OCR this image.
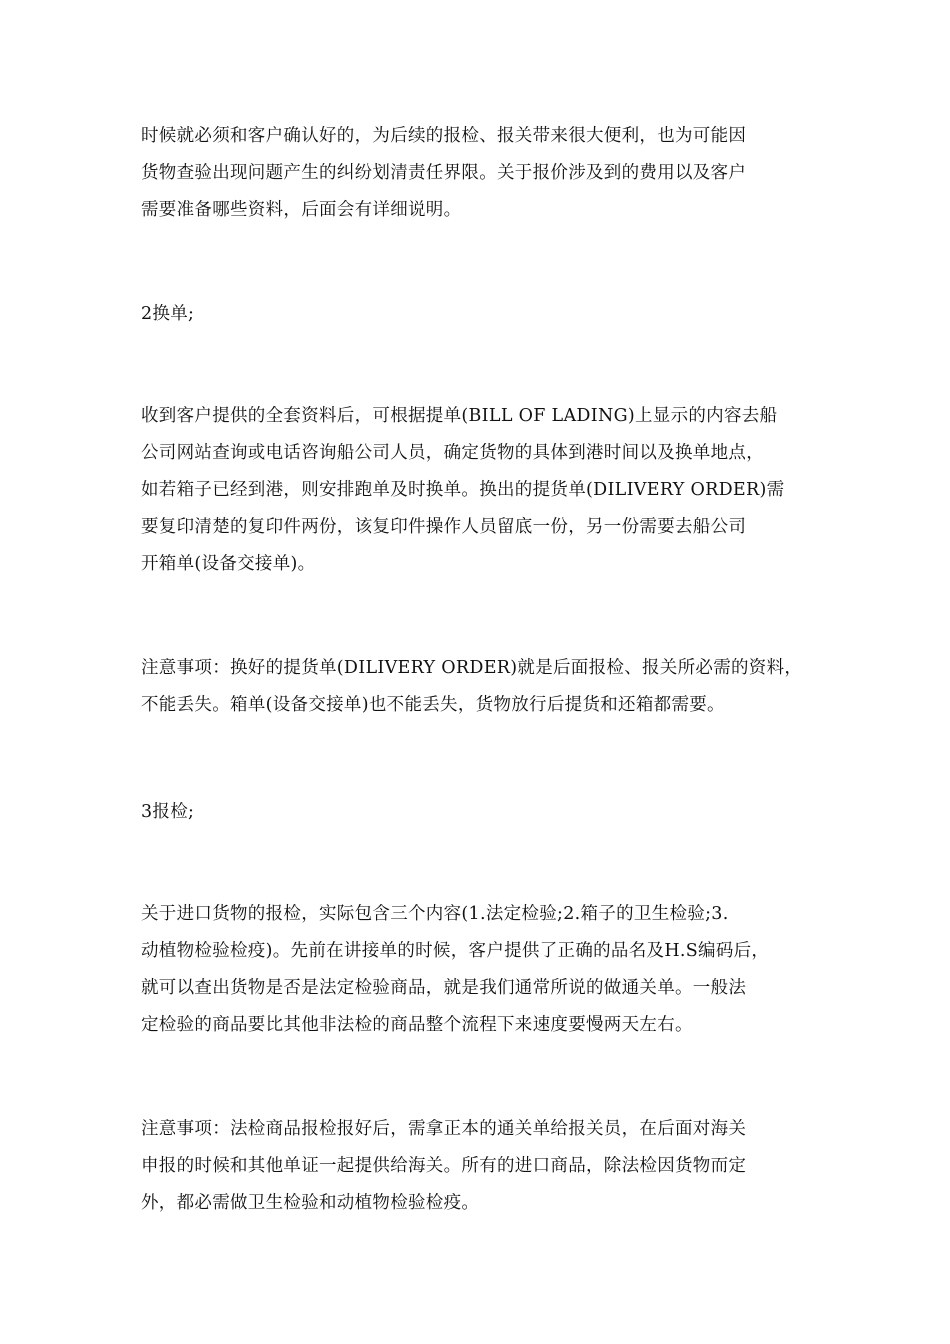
时候就必须和客户确认好的，为后续的报检、报关带来很大便利，也为可能因
货物查验出现问题产生的纠纷划清责任界限。关于报价涉及到的费用以及客户
需要准备哪些资料，后面会有详细说明。
2换单;
收到客户提供的全套资料后，可根据提单(BILL OF LADING)上显示的内容去船
公司网站查询或电话咨询船公司人员，确定货物的具体到港时间以及换单地点，
如若箱子已经到港，则安排跑单及时换单。换出的提货单(DILIVERY ORDER)需
要复印清楚的复印件两份，该复印件操作人员留底一份，另一份需要去船公司
开箱单(设备交接单)。
注意事项：换好的提货单(DILIVERY ORDER)就是后面报检、报关所必需的资料，
不能丢失。箱单(设备交接单)也不能丢失，货物放行后提货和还箱都需要。
3报检;
关于进口货物的报检，实际包含三个内容(1.法定检验;2.箱子的卫生检验;3.
动植物检验检疫)。先前在讲接单的时候，客户提供了正确的品名及H.S编码后，
就可以查出货物是否是法定检验商品，就是我们通常所说的做通关单。一般法
定检验的商品要比其他非法检的商品整个流程下来速度要慢两天左右。
注意事项：法检商品报检报好后，需拿正本的通关单给报关员，在后面对海关
申报的时候和其他单证一起提供给海关。所有的进口商品，除法检因货物而定
外，都必需做卫生检验和动植物检验检疫。
